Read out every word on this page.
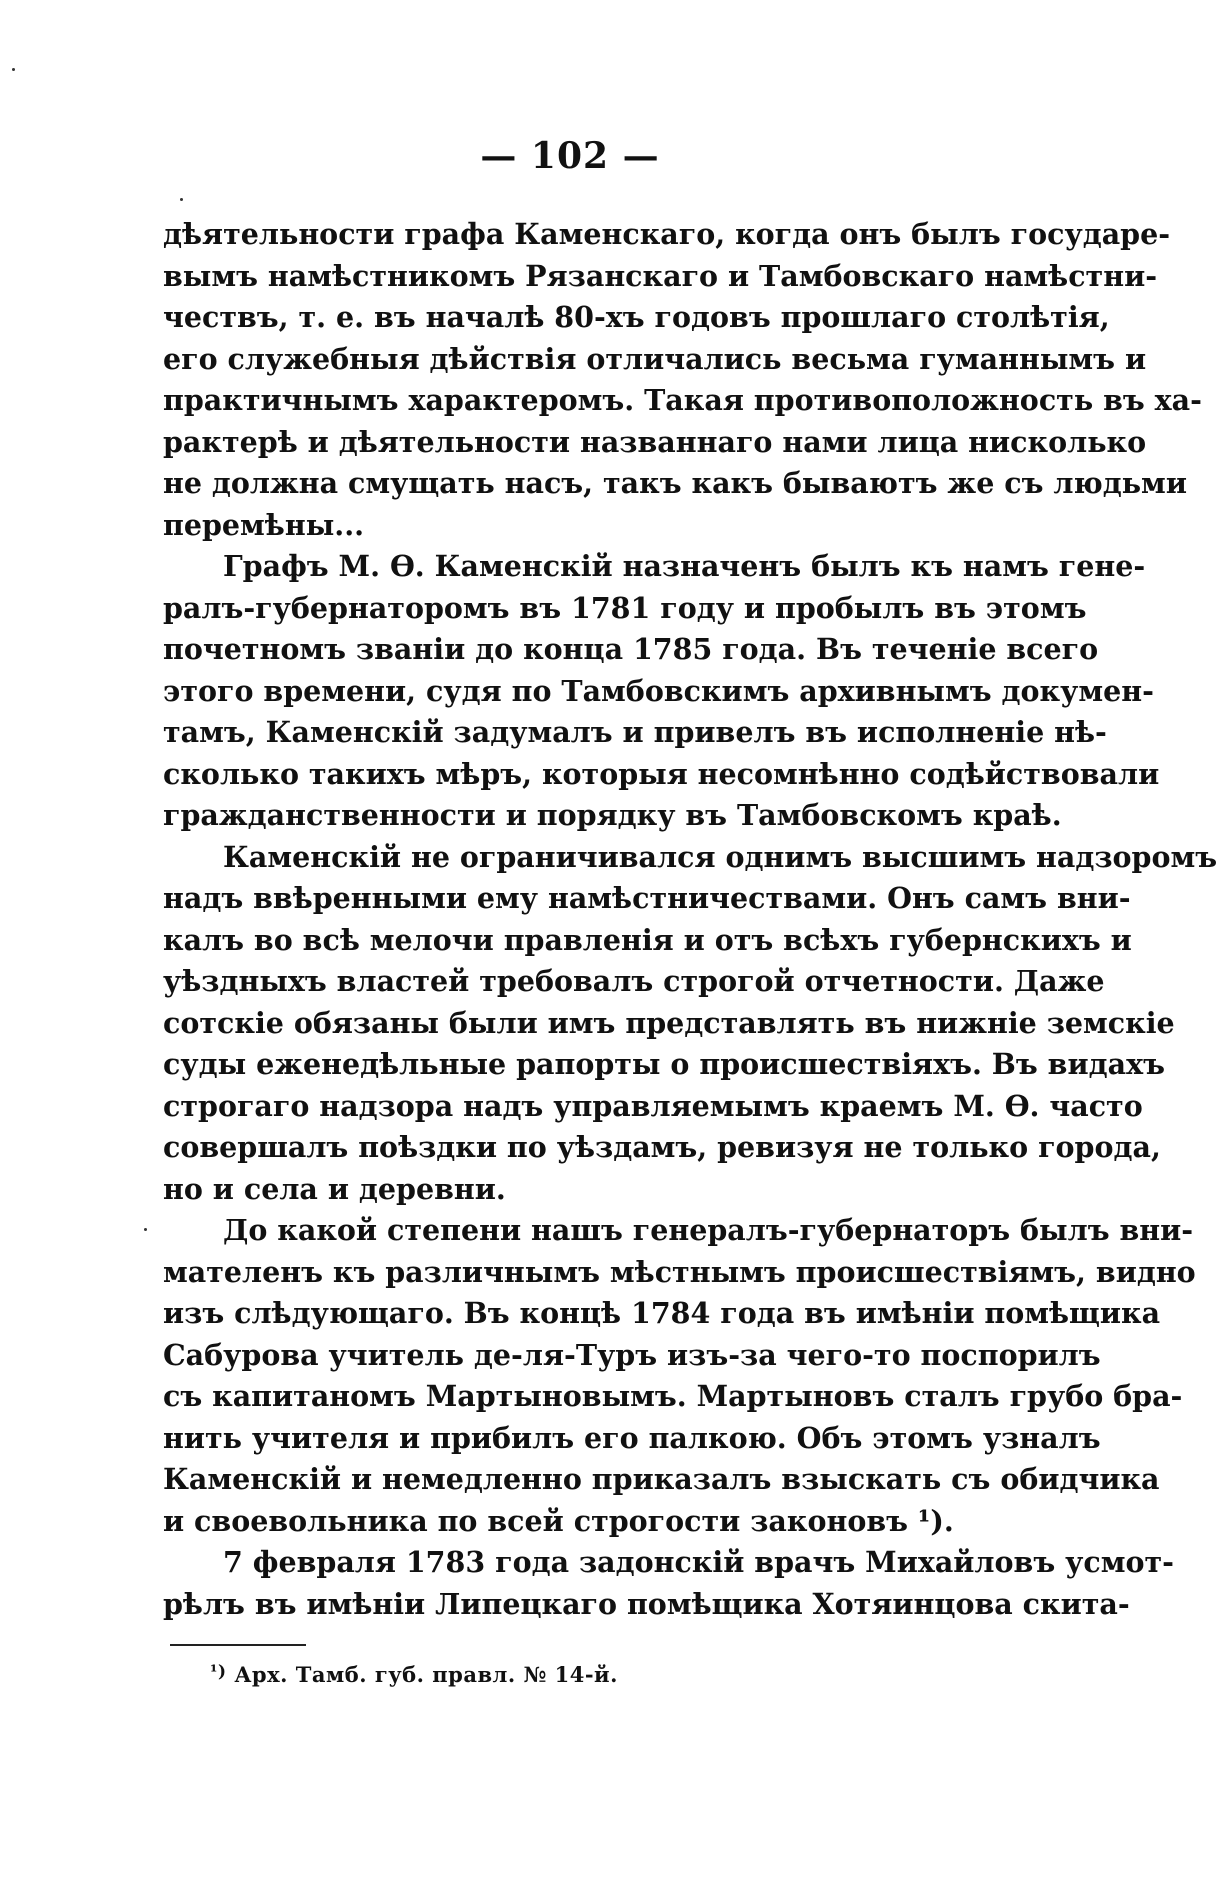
— 102 —
дѣятельности графа Каменскаго, когда онъ былъ государе-
вымъ намѣстникомъ Рязанскаго и Тамбовскаго намѣстни-
чествъ, т. е. въ началѣ 80-хъ годовъ прошлаго столѣтія,
его служебныя дѣйствія отличались весьма гуманнымъ и
практичнымъ характеромъ. Такая противоположность въ ха-
рактерѣ и дѣятельности названнаго нами лица нисколько
не должна смущать насъ, такъ какъ бываютъ же съ людьми
перемѣны...
Графъ М. Ѳ. Каменскій назначенъ былъ къ намъ гене-
ралъ-губернаторомъ въ 1781 году и пробылъ въ этомъ
почетномъ званіи до конца 1785 года. Въ теченіе всего
этого времени, судя по Тамбовскимъ архивнымъ докумен-
тамъ, Каменскій задумалъ и привелъ въ исполненіе нѣ-
сколько такихъ мѣръ, которыя несомнѣнно содѣйствовали
гражданственности и порядку въ Тамбовскомъ краѣ.
Каменскій не ограничивался однимъ высшимъ надзоромъ
надъ ввѣренными ему намѣстничествами. Онъ самъ вни-
калъ во всѣ мелочи правленія и отъ всѣхъ губернскихъ и
уѣздныхъ властей требовалъ строгой отчетности. Даже
сотскіе обязаны были имъ представлять въ нижніе земскіе
суды еженедѣльные рапорты о происшествіяхъ. Въ видахъ
строгаго надзора надъ управляемымъ краемъ М. Ѳ. часто
совершалъ поѣздки по уѣздамъ, ревизуя не только города,
но и села и деревни.
До какой степени нашъ генералъ-губернаторъ былъ вни-
мателенъ къ различнымъ мѣстнымъ происшествіямъ, видно
изъ слѣдующаго. Въ концѣ 1784 года въ имѣніи помѣщика
Сабурова учитель де-ля-Туръ изъ-за чего-то поспорилъ
съ капитаномъ Мартыновымъ. Мартыновъ сталъ грубо бра-
нить учителя и прибилъ его палкою. Объ этомъ узналъ
Каменскій и немедленно приказалъ взыскать съ обидчика
и своевольника по всей строгости законовъ ¹).
7 февраля 1783 года задонскій врачъ Михайловъ усмот-
рѣлъ въ имѣніи Липецкаго помѣщика Хотяинцова скита-
$^{^1)}$ Арх. Тамб. губ. правл. № 14-й.
